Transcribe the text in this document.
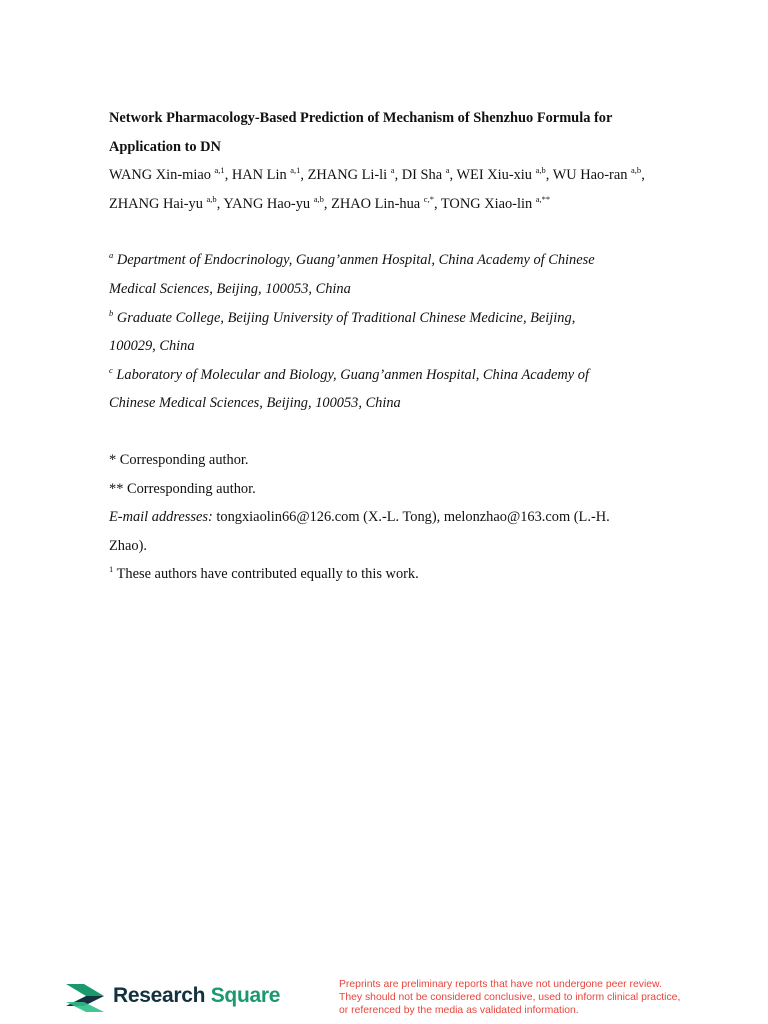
Network Pharmacology-Based Prediction of Mechanism of Shenzhuo Formula for
Application to DN

WANG Xin-miao $^{a,1}$, HAN Lin $^{a,1}$, ZHANG Li-li $^a$, DI Sha $^a$, WEI Xiu-xiu $^{a,b}$, WU Hao-ran $^{a,b}$, ZHANG Hai-yu $^{a,b}$, YANG Hao-yu $^{a,b}$, ZHAO Lin-hua $^{c,*}$, TONG Xiao-lin $^{a,**}$

$^a$ Department of Endocrinology, Guang’anmen Hospital, China Academy of Chinese
Medical Sciences, Beijing, 100053, China

$^b$ Graduate College, Beijing University of Traditional Chinese Medicine, Beijing,
100029, China

$^c$ Laboratory of Molecular and Biology, Guang’anmen Hospital, China Academy of
Chinese Medical Sciences, Beijing, 100053, China

* Corresponding author.

** Corresponding author.

E-mail addresses: tongxiaolin66@126.com (X.-L. Tong), melonzhao@163.com (L.-H.
Zhao).

$^1$ These authors have contributed equally to this work.

Research Square	Preprints are preliminary reports that have not undergone peer review.
They should not be considered conclusive, used to inform clinical practice,
or referenced by the media as validated information.
